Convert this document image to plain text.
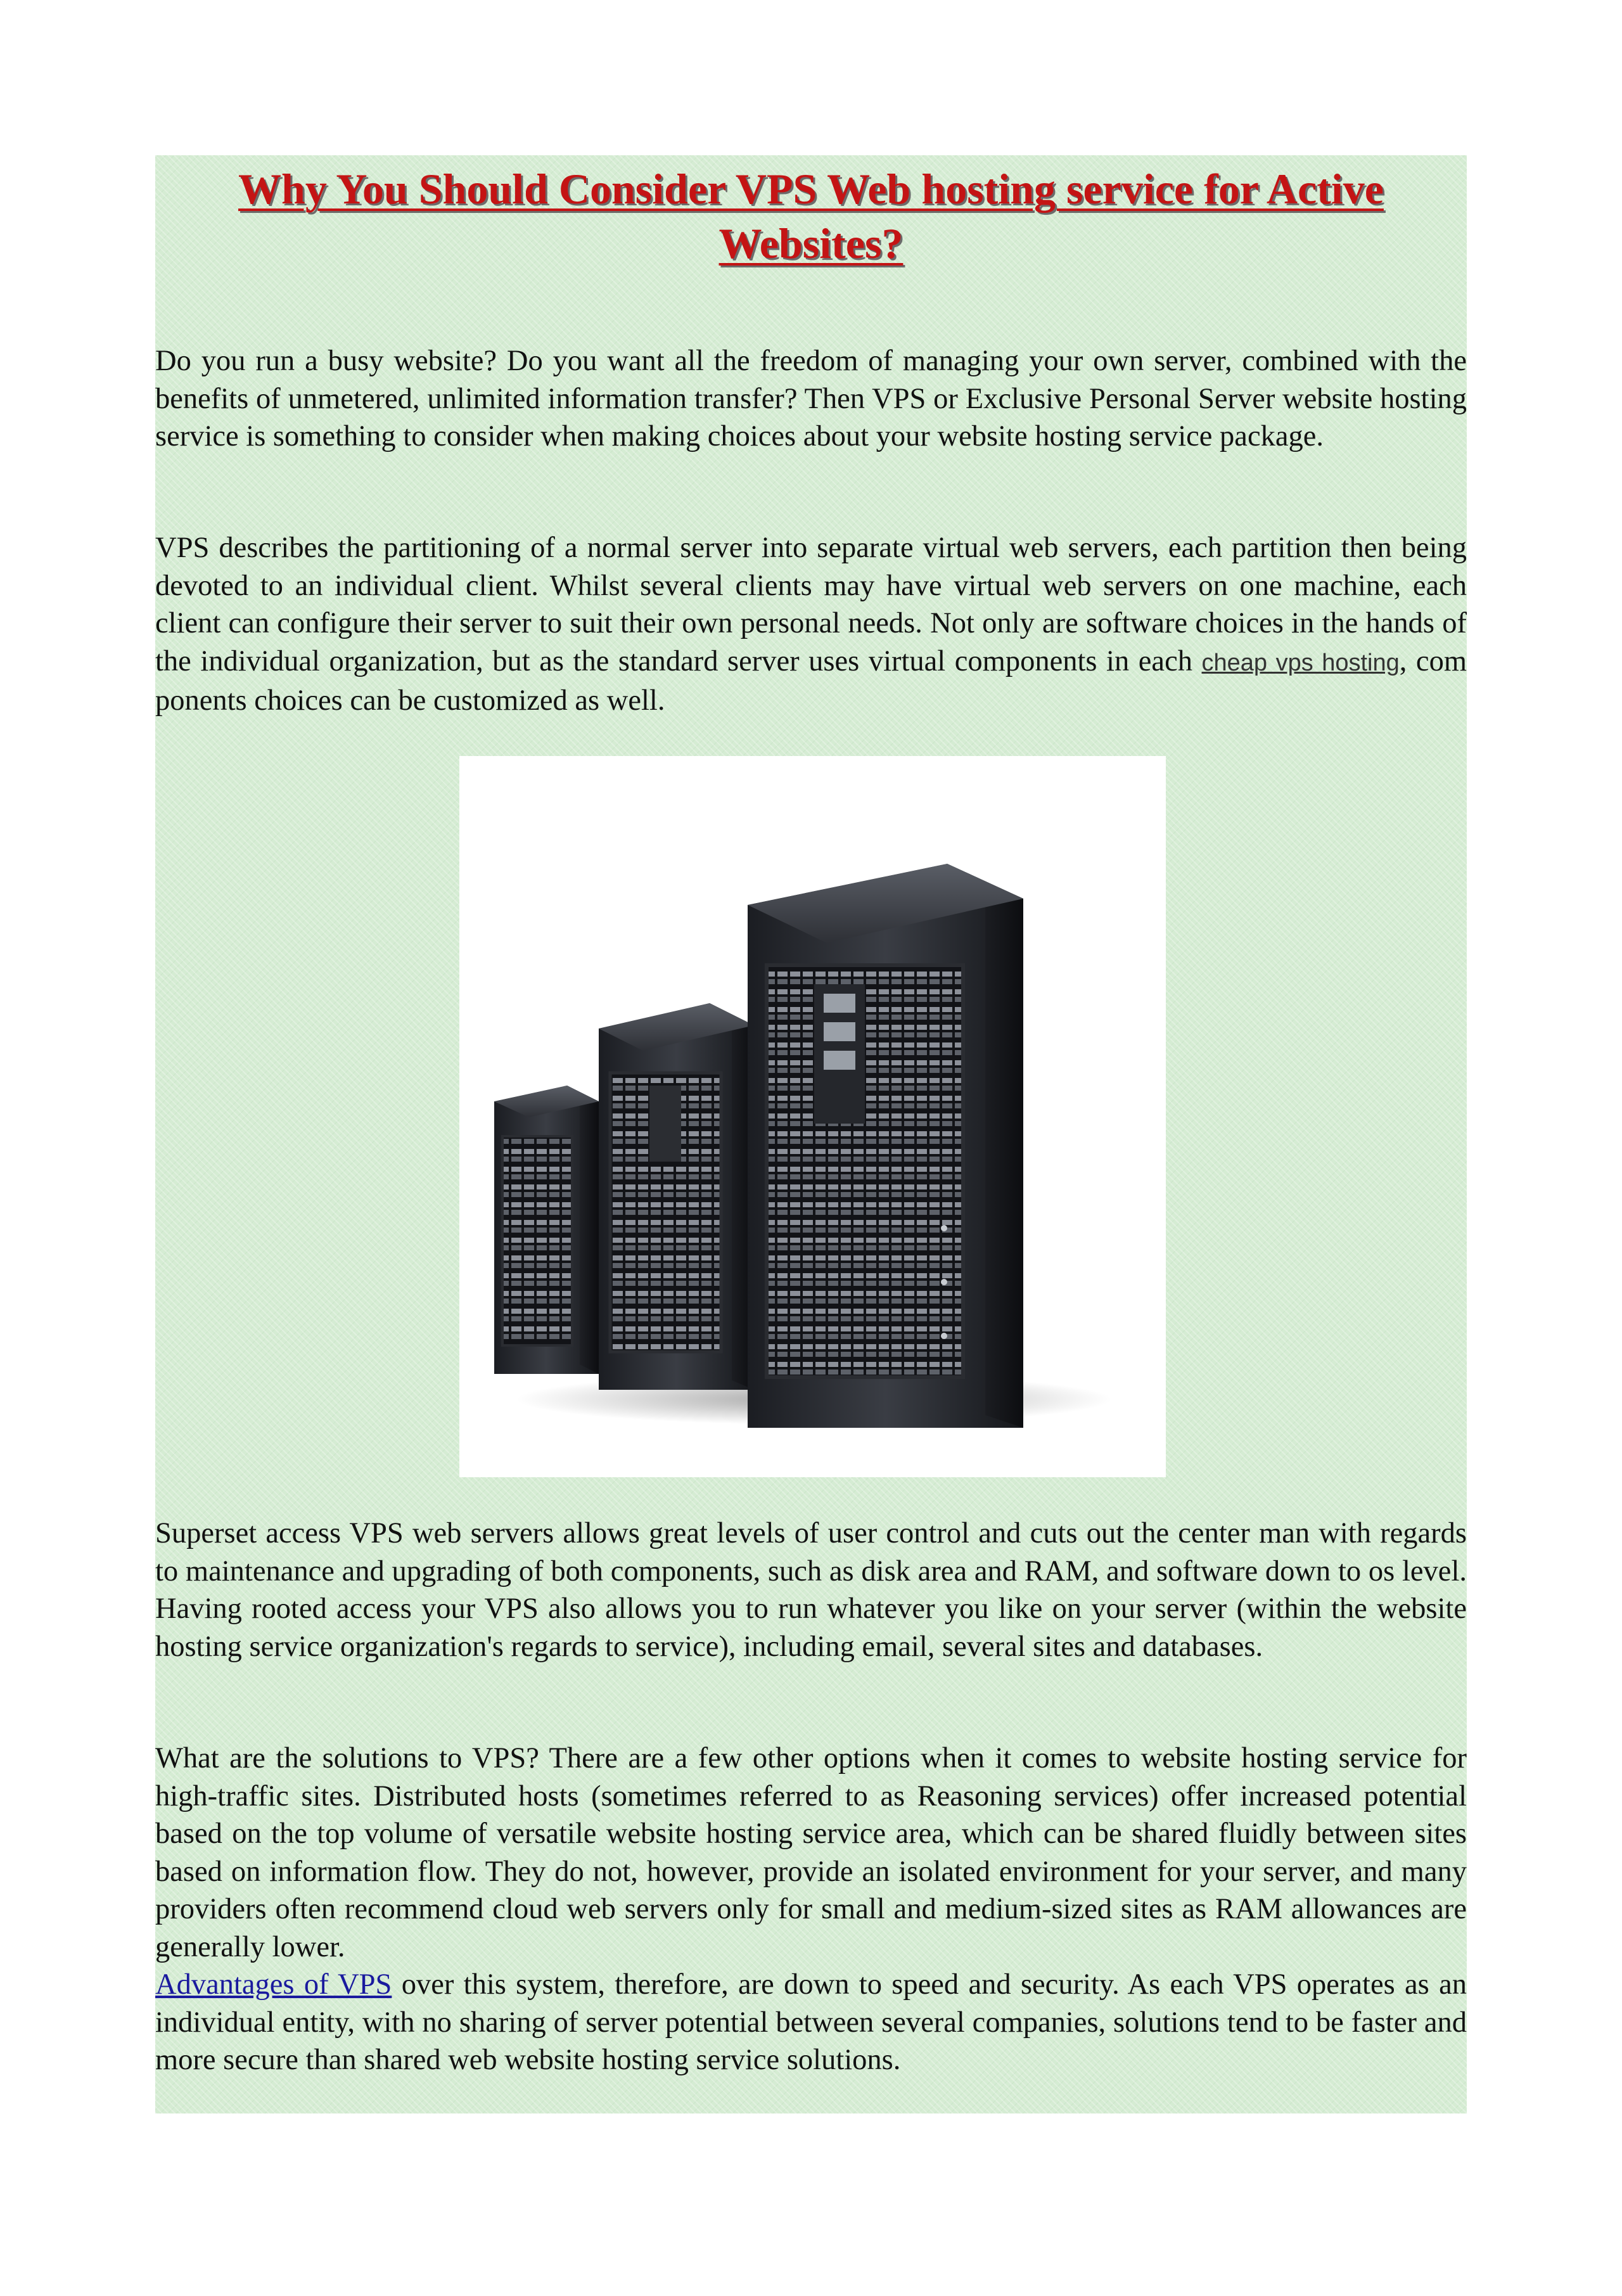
Why You Should Consider VPS Web hosting service for Active Websites?

Do you run a busy website? Do you want all the freedom of managing your own server, combined with the benefits of unmetered, unlimited information transfer? Then VPS or Exclusive Personal Server website hosting service is something to consider when making choices about your website hosting service package.

VPS describes the partitioning of a normal server into separate virtual web servers, each partition then being devoted to an individual client. Whilst several clients may have virtual web servers on one machine, each client can configure their server to suit their own personal needs. Not only are software choices in the hands of the individual organization, but as the standard server uses virtual components in each cheap vps hosting, com ponents choices can be customized as well.

Superset access VPS web servers allows great levels of user control and cuts out the center man with regards to maintenance and upgrading of both components, such as disk area and RAM, and software down to os level. Having rooted access your VPS also allows you to run whatever you like on your server (within the website hosting service organization's regards to service), including email, several sites and databases.

What are the solutions to VPS? There are a few other options when it comes to website hosting service for high-traffic sites. Distributed hosts (sometimes referred to as Reasoning services) offer increased potential based on the top volume of versatile website hosting service area, which can be shared fluidly between sites based on information flow. They do not, however, provide an isolated environment for your server, and many providers often recommend cloud web servers only for small and medium-sized sites as RAM allowances are generally lower.

Advantages of VPS over this system, therefore, are down to speed and security. As each VPS operates as an individual entity, with no sharing of server potential between several companies, solutions tend to be faster and more secure than shared web website hosting service solutions.
